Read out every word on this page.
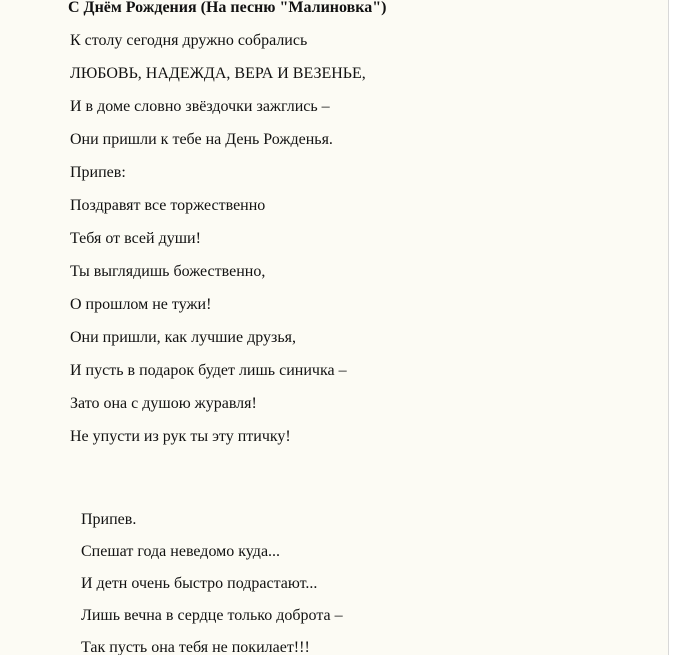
С Днём Рождения (На песню "Малиновка")
К столу сегодня дружно собрались
ЛЮБОВЬ, НАДЕЖДА, ВЕРА И ВЕЗЕНЬЕ,
И в доме словно звёздочки зажглись –
Они пришли к тебе на День Рожденья.
Припев:
Поздравят все торжественно
Тебя от всей души!
Ты выглядишь божественно,
О прошлом не тужи!
Они пришли, как лучшие друзья,
И пусть в подарок будет лишь синичка –
Зато она с душою журавля!
Не упусти из рук ты эту птичку!
Припев.
Спешат года неведомо куда...
И детн очень быстро подрастают...
Лишь вечна в сердце только доброта –
Так пусть она тебя не покилает!!!
